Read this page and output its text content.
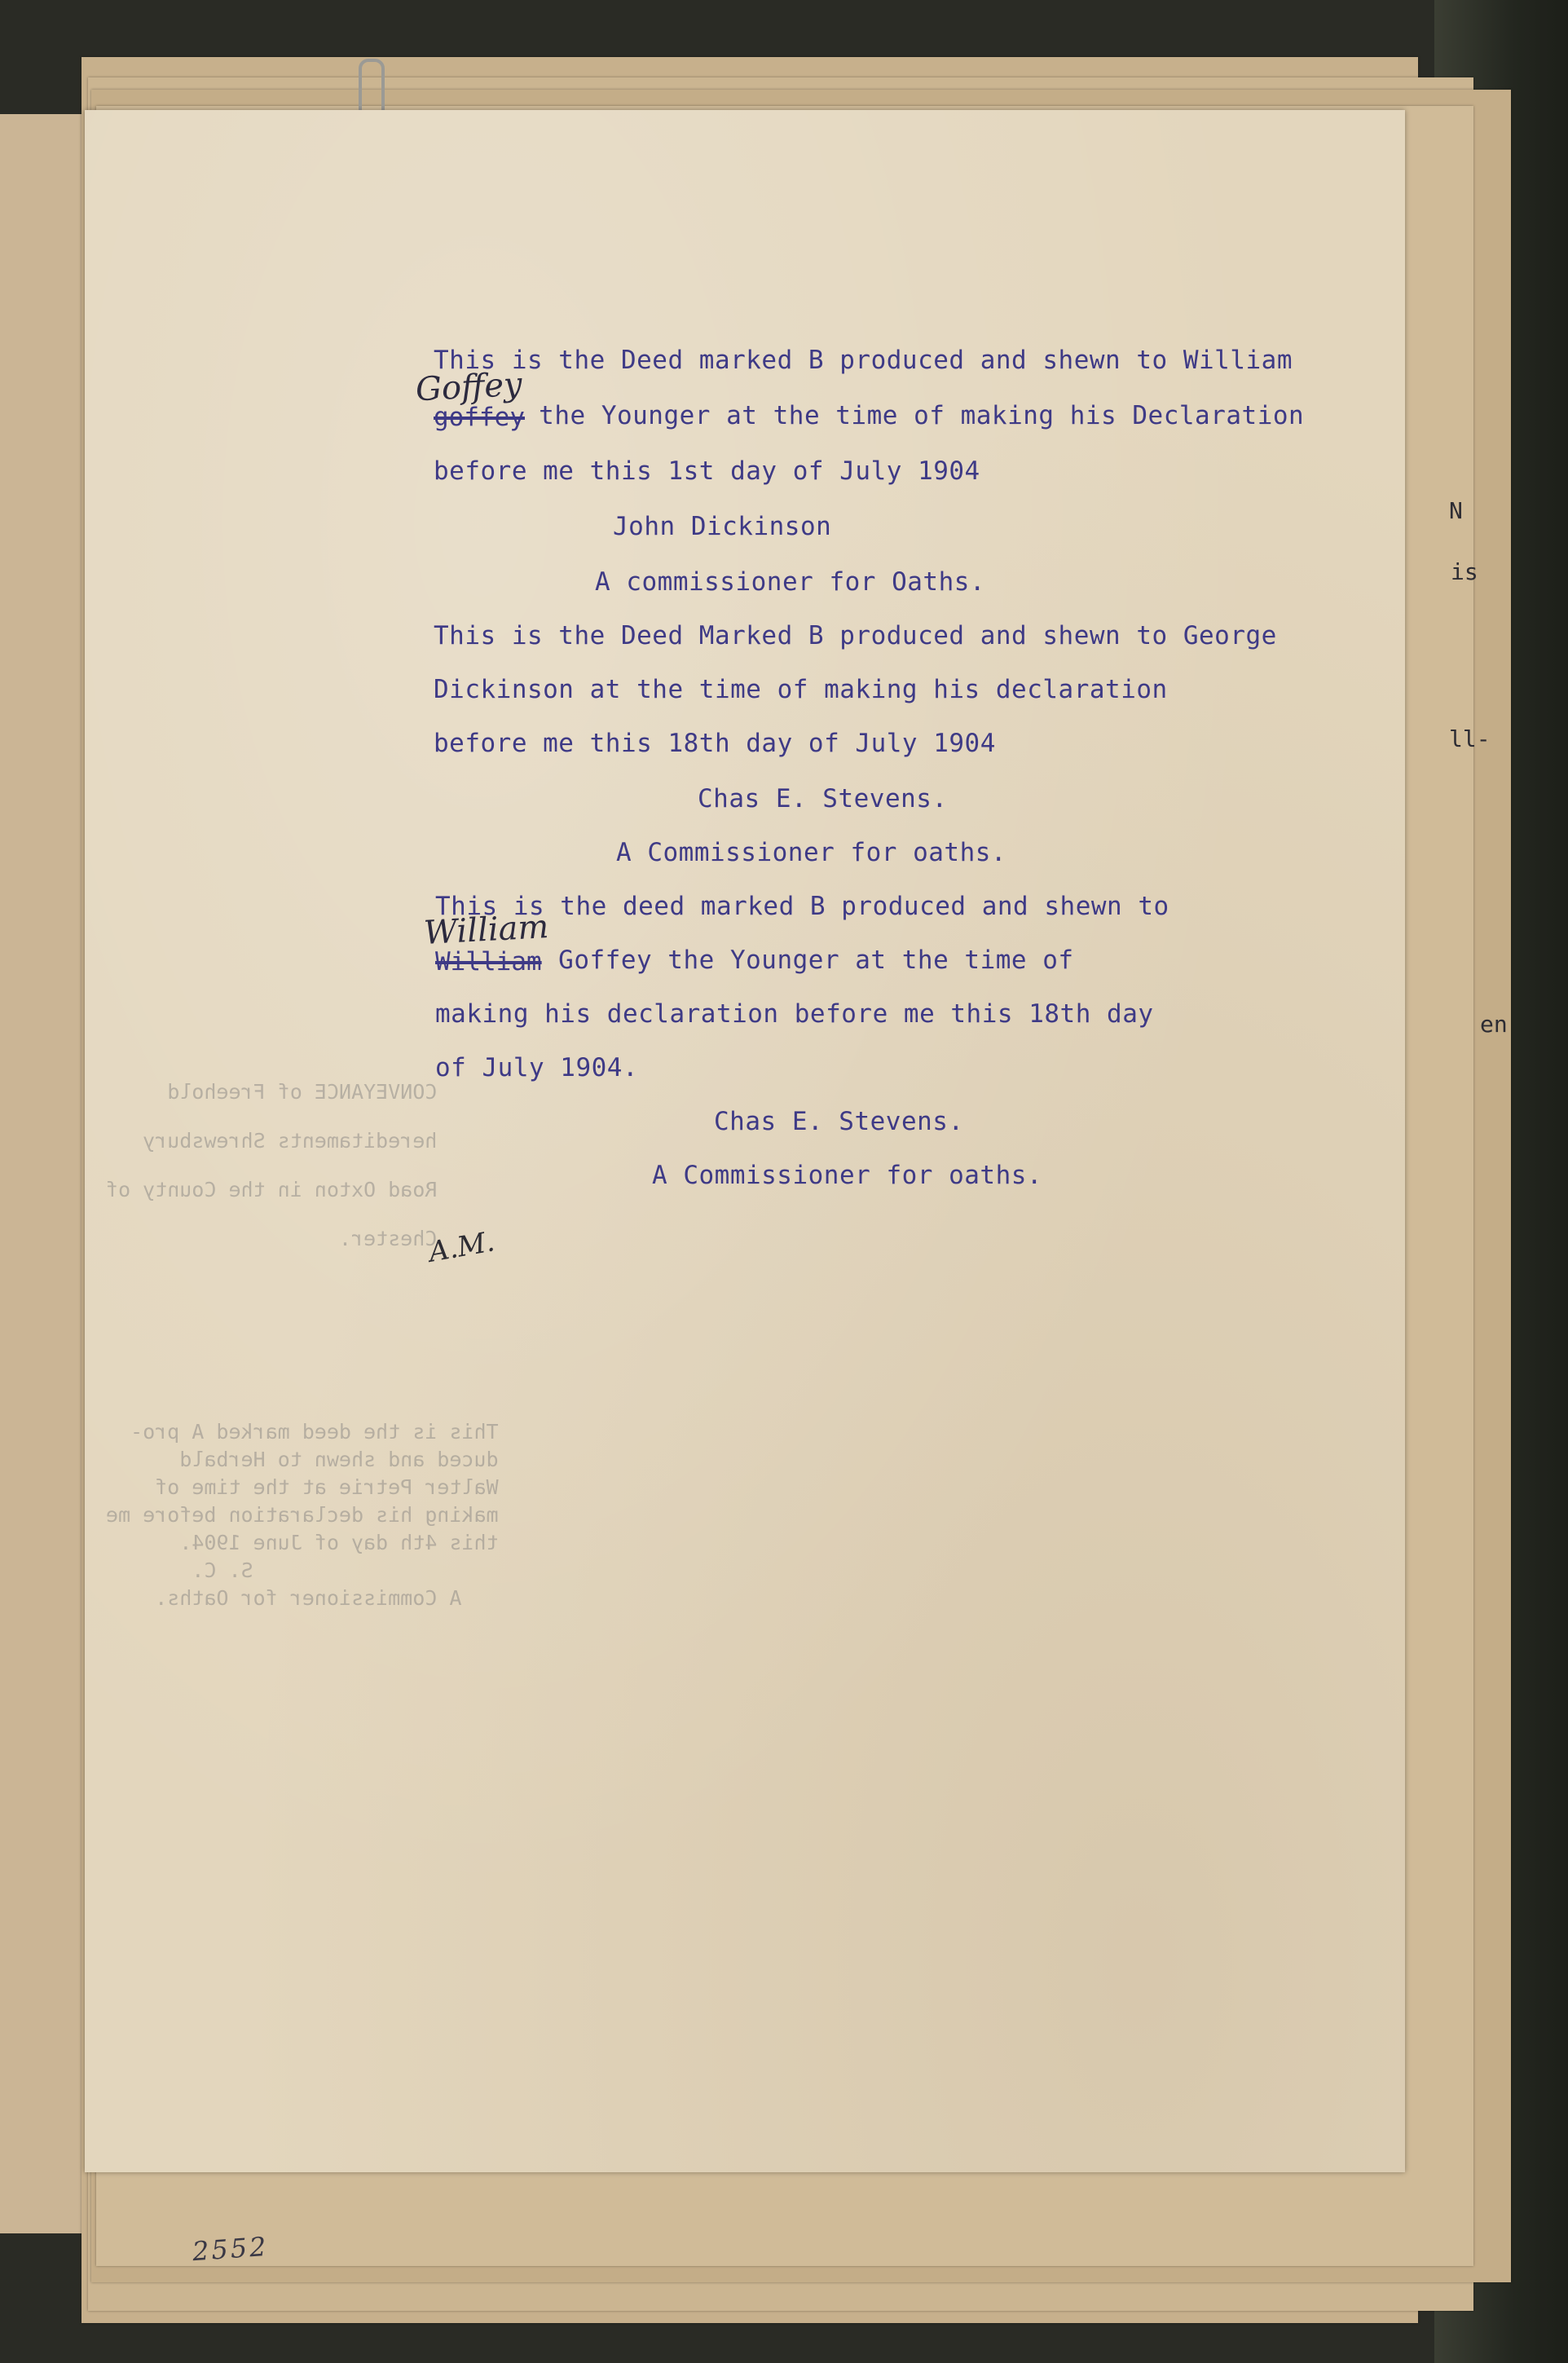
N
is
ll-
en
CONVEYANCE of Freehold
hereditaments Shrewsbury
Road Oxton in the County of
Chester.
This is the deed marked A pro-
duced and shewn to Herbald
Walter Petrie at the time of
making his declaration before me
this 4th day of June 1904.
S. C.
A Commissioner for Oaths.
This is the Deed marked B produced and shewn to William
goffey
Goffey
the Younger at the time of making his Declaration
before me this 1st day of July 1904
John Dickinson
A commissioner for Oaths.
This is the Deed Marked B produced and shewn to George
Dickinson at the time of making his declaration
before me this 18th day of July 1904
Chas E. Stevens.
A Commissioner for oaths.
This is the deed marked B produced and shewn to
William
William
Goffey the Younger at the time of
making his declaration before me this 18th day
of July 1904.
Chas E. Stevens.
A Commissioner for oaths.
A.M.
2552
